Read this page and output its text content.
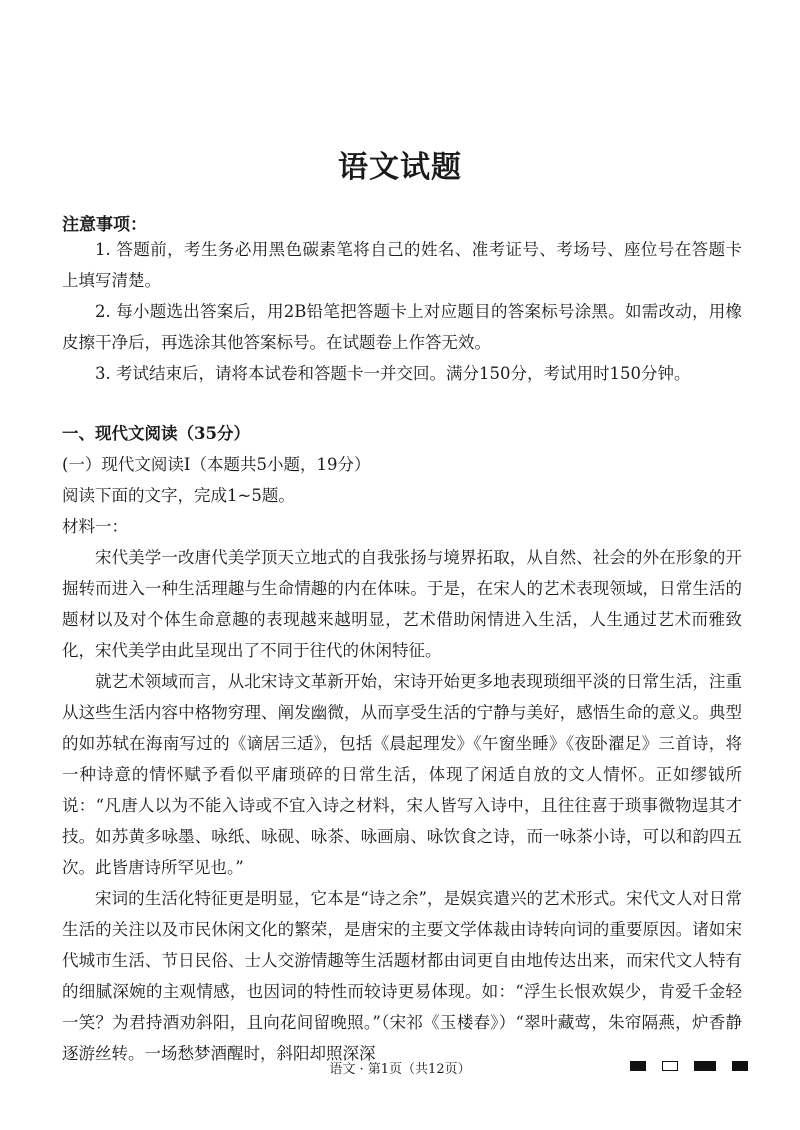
语文试题
注意事项：

1. 答题前，考生务必用黑色碳素笔将自己的姓名、准考证号、考场号、座位号在答题卡上填写清楚。

2. 每小题选出答案后，用2B铅笔把答题卡上对应题目的答案标号涂黑。如需改动，用橡皮擦干净后，再选涂其他答案标号。在试题卷上作答无效。

3. 考试结束后，请将本试卷和答题卡一并交回。满分150分，考试用时150分钟。

一、现代文阅读（35分）

(一）现代文阅读Ⅰ（本题共5小题，19分）

阅读下面的文字，完成1~5题。

材料一：

宋代美学一改唐代美学顶天立地式的自我张扬与境界拓取，从自然、社会的外在形象的开掘转而进入一种生活理趣与生命情趣的内在体味。于是，在宋人的艺术表现领域，日常生活的题材以及对个体生命意趣的表现越来越明显，艺术借助闲情进入生活，人生通过艺术而雅致化，宋代美学由此呈现出了不同于往代的休闲特征。

就艺术领域而言，从北宋诗文革新开始，宋诗开始更多地表现琐细平淡的日常生活，注重从这些生活内容中格物穷理、阐发幽微，从而享受生活的宁静与美好，感悟生命的意义。典型的如苏轼在海南写过的《谪居三适》，包括《晨起理发》《午窗坐睡》《夜卧濯足》三首诗，将一种诗意的情怀赋予看似平庸琐碎的日常生活，体现了闲适自放的文人情怀。正如缪钺所说：“凡唐人以为不能入诗或不宜入诗之材料，宋人皆写入诗中，且往往喜于琐事微物逞其才技。如苏黄多咏墨、咏纸、咏砚、咏茶、咏画扇、咏饮食之诗，而一咏茶小诗，可以和韵四五次。此皆唐诗所罕见也。”

宋词的生活化特征更是明显，它本是“诗之余”，是娱宾遣兴的艺术形式。宋代文人对日常生活的关注以及市民休闲文化的繁荣，是唐宋的主要文学体裁由诗转向词的重要原因。诸如宋代城市生活、节日民俗、士人交游情趣等生活题材都由词更自由地传达出来，而宋代文人特有的细腻深婉的主观情感，也因词的特性而较诗更易体现。如：“浮生长恨欢娱少，肯爱千金轻一笑？为君持酒劝斜阳，且向花间留晚照。”（宋祁《玉楼春》）“翠叶藏莺，朱帘隔燕，炉香静逐游丝转。一场愁梦酒醒时，斜阳却照深深

语文 · 第1页（共12页）
